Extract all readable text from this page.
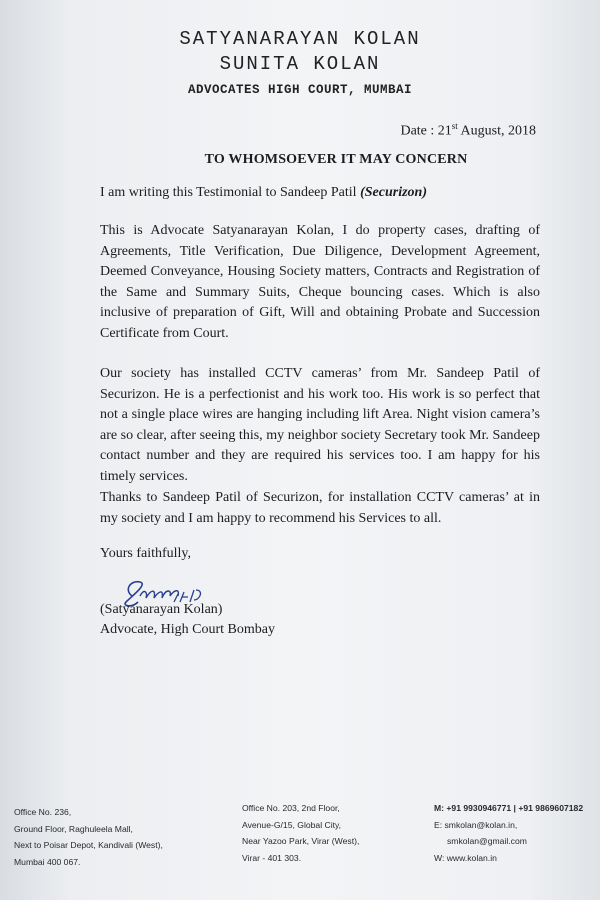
SATYANARAYAN KOLAN
SUNITA KOLAN
ADVOCATES HIGH COURT, MUMBAI
Date : 21st August, 2018
TO WHOMSOEVER IT MAY CONCERN
I am writing this Testimonial to Sandeep Patil (Securizon)
This is Advocate Satyanarayan Kolan, I do property cases, drafting of Agreements, Title Verification, Due Diligence, Development Agreement, Deemed Conveyance, Housing Society matters, Contracts and Registration of the Same and Summary Suits, Cheque bouncing cases. Which is also inclusive of preparation of Gift, Will and obtaining Probate and Succession Certificate from Court.
Our society has installed CCTV cameras’ from Mr. Sandeep Patil of Securizon. He is a perfectionist and his work too. His work is so perfect that not a single place wires are hanging including lift Area. Night vision camera’s are so clear, after seeing this, my neighbor society Secretary took Mr. Sandeep contact number and they are required his services too. I am happy for his timely services.
Thanks to Sandeep Patil of Securizon, for installation CCTV cameras’ at in my society and I am happy to recommend his Services to all.
Yours faithfully,
(Satyanarayan Kolan)
Advocate, High Court Bombay
Office No. 236,
Ground Floor, Raghuleela Mall,
Next to Poisar Depot, Kandivali (West),
Mumbai 400 067.
Office No. 203, 2nd Floor,
Avenue-G/15, Global City,
Near Yazoo Park, Virar (West),
Virar - 401 303.
M: +91 9930946771 | +91 9869607182
E: smkolan@kolan.in,
smkolan@gmail.com
W: www.kolan.in
